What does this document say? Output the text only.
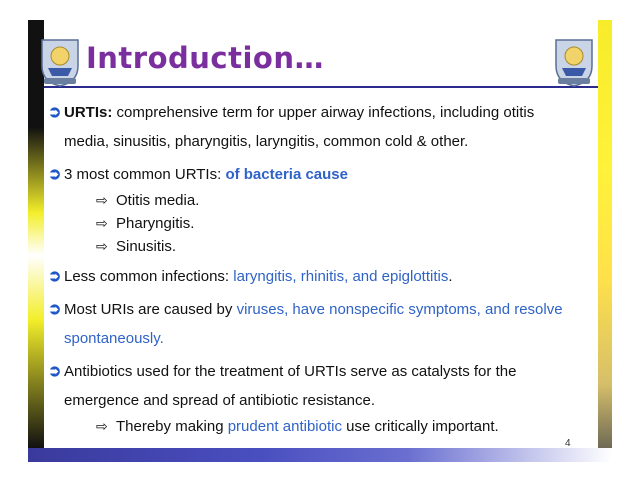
Introduction…

➲ URTIs: comprehensive term for upper airway infections, including otitis

media, sinusitis, pharyngitis, laryngitis, common cold & other.

➲ 3 most common URTIs: of bacteria cause

⇨ Otitis media.

⇨ Pharyngitis.

⇨ Sinusitis.

➲ Less common infections: laryngitis, rhinitis, and epiglottitis.

➲ Most URIs are caused by viruses, have nonspecific symptoms, and resolve

spontaneously.

➲ Antibiotics used for the treatment of URTIs serve as catalysts for the

emergence and spread of antibiotic resistance.

⇨ Thereby making prudent antibiotic use critically important.

4
